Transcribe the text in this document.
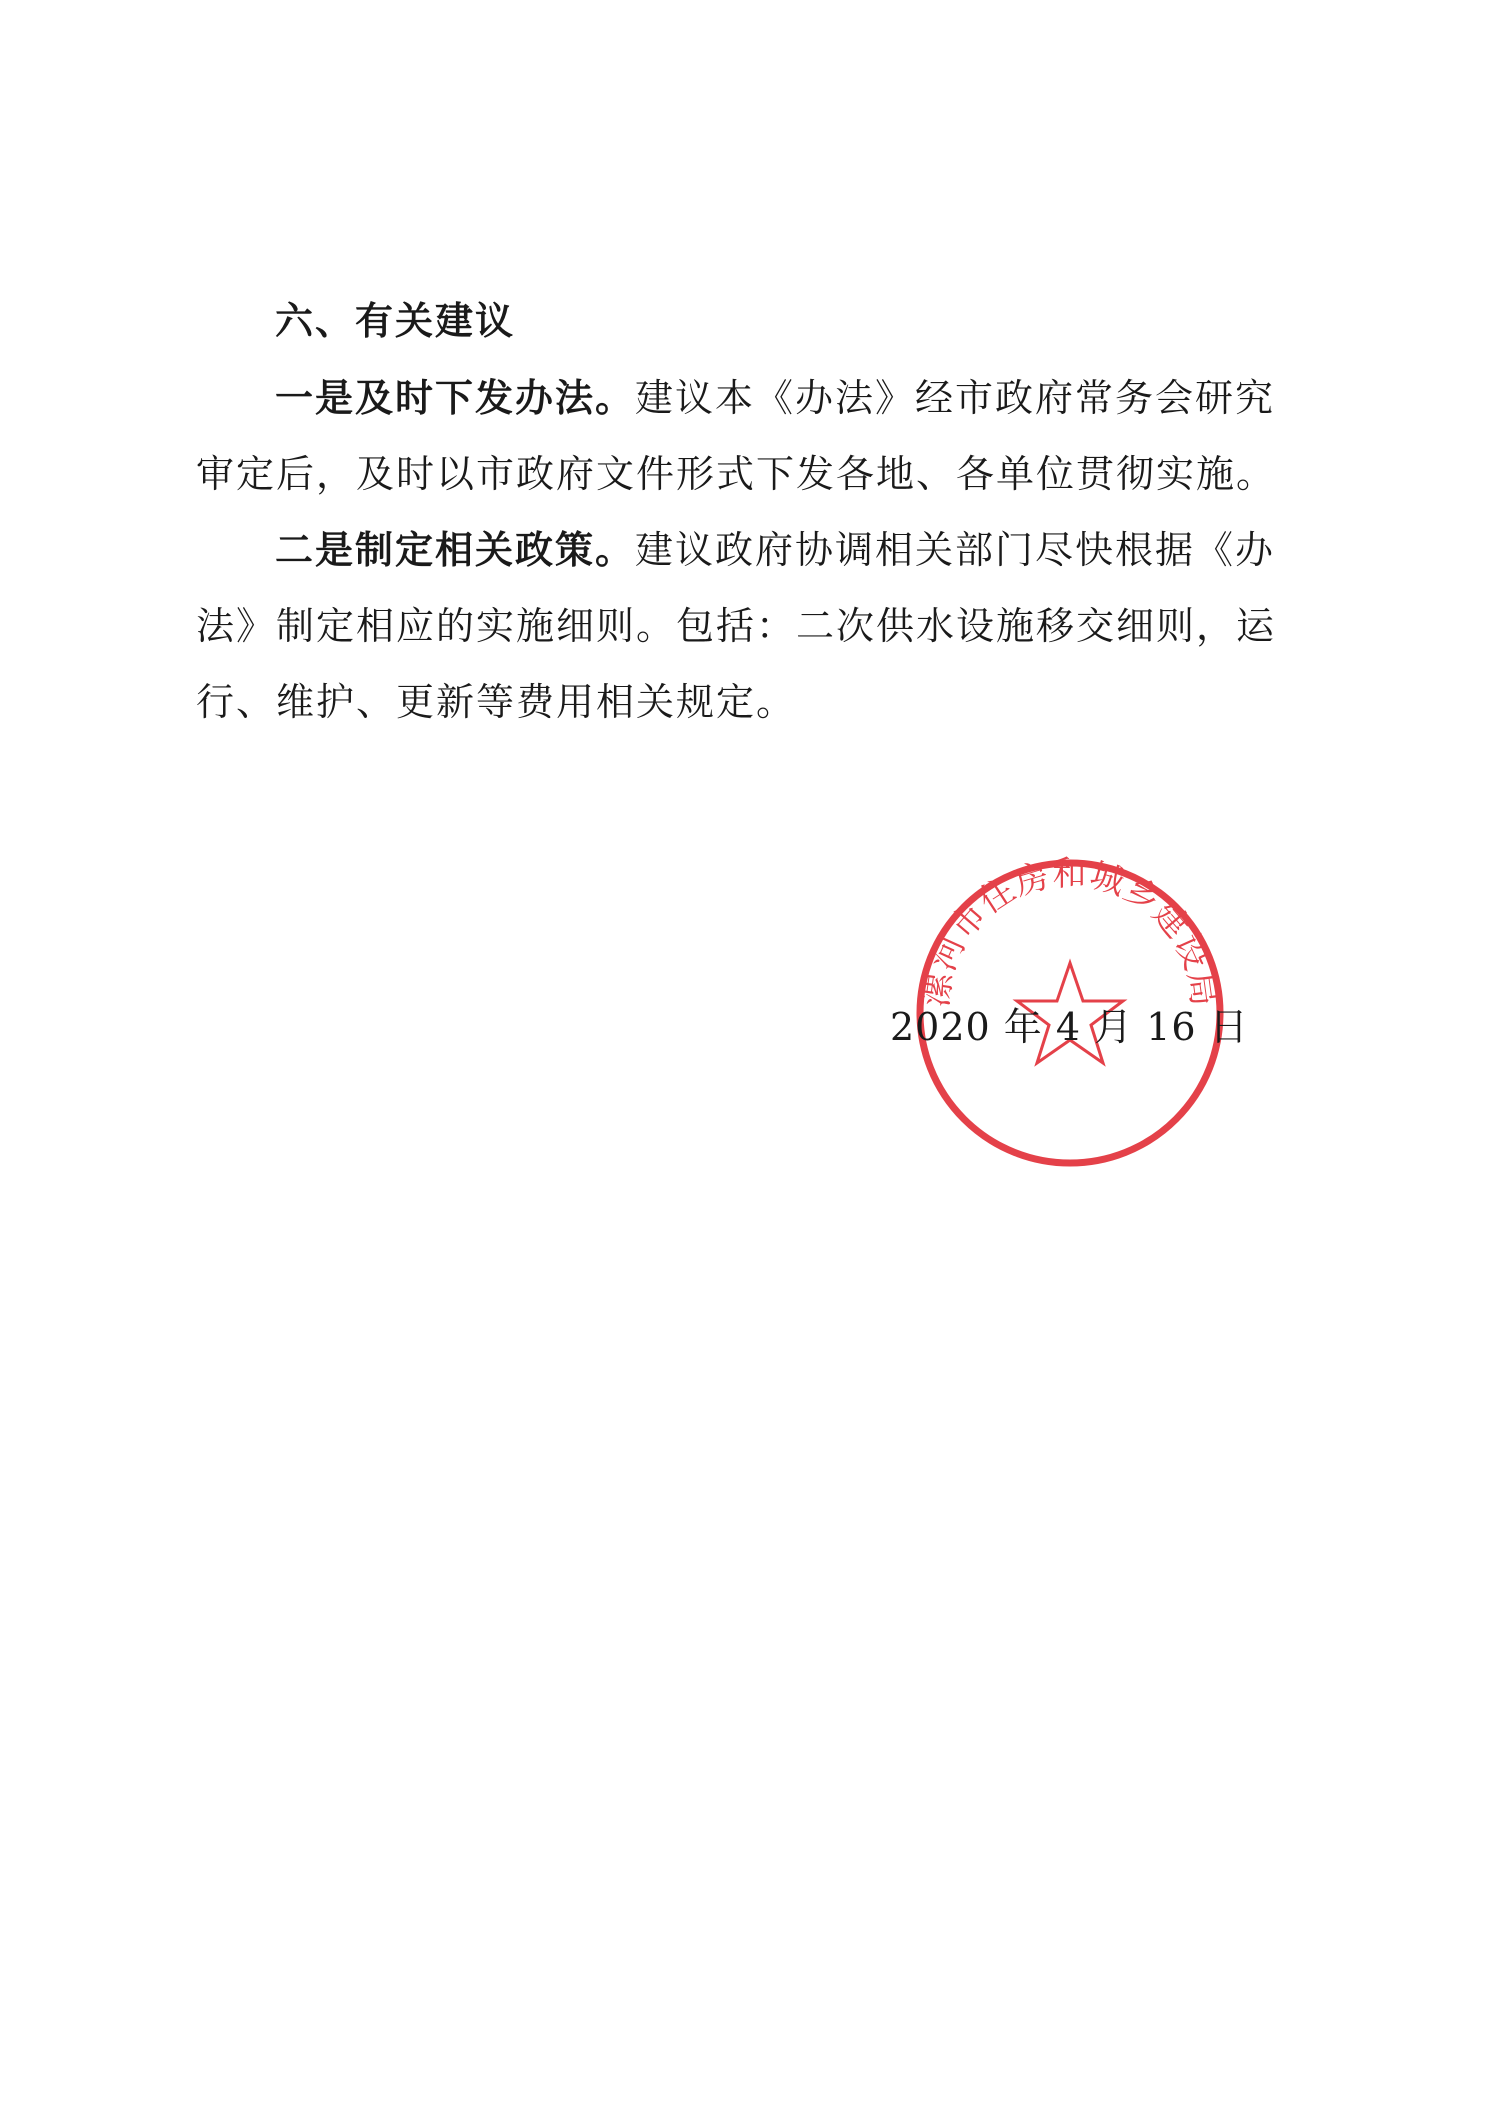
六、有关建议
一是及时下发办法。建议本《办法》经市政府常务会研究审定后，及时以市政府文件形式下发各地、各单位贯彻实施。
二是制定相关政策。建议政府协调相关部门尽快根据《办法》制定相应的实施细则。包括：二次供水设施移交细则，运行、维护、更新等费用相关规定。
漯河市住房和城乡建设局
2020 年 4 月 16 日
